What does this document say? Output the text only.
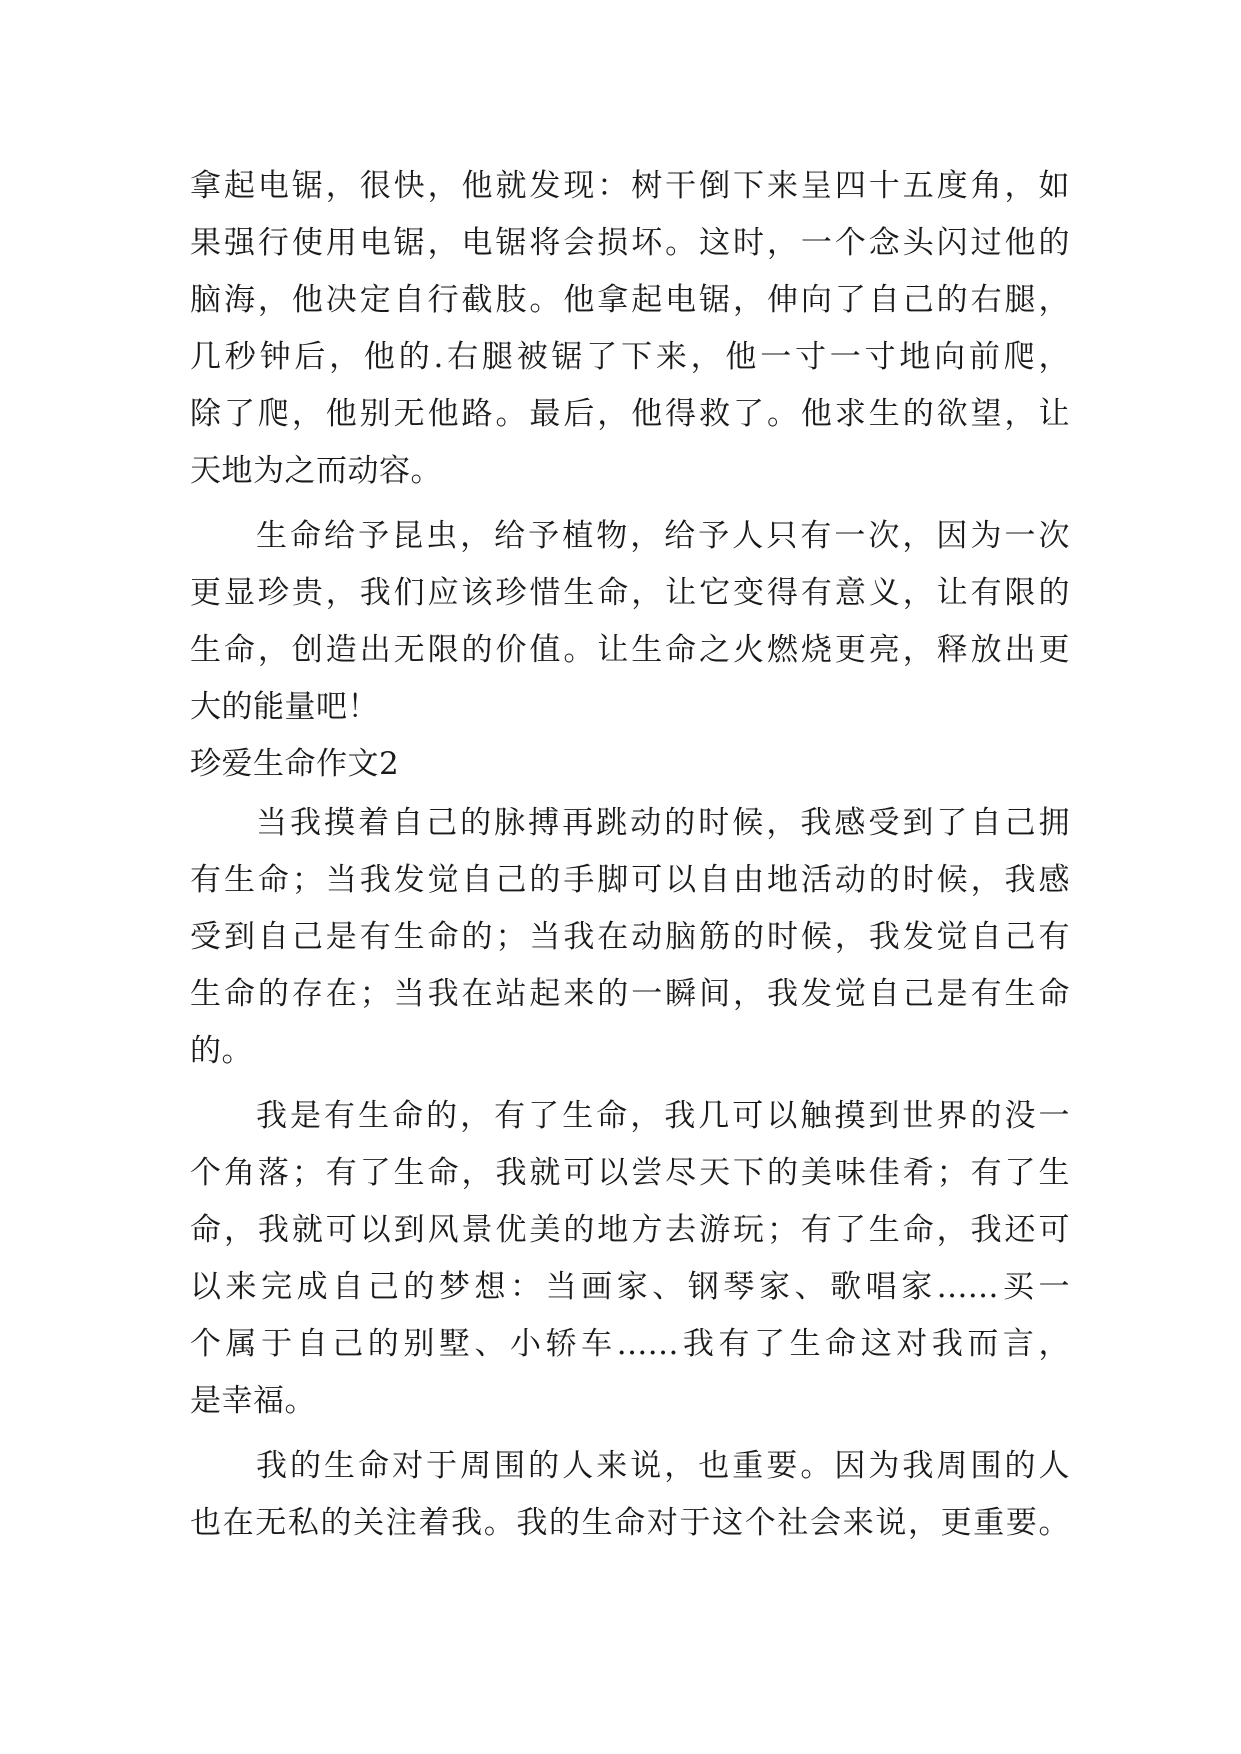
拿起电锯，很快，他就发现：树干倒下来呈四十五度角，如
果强行使用电锯，电锯将会损坏。这时，一个念头闪过他的
脑海，他决定自行截肢。他拿起电锯，伸向了自己的右腿，
几秒钟后，他的.右腿被锯了下来，他一寸一寸地向前爬，
除了爬，他别无他路。最后，他得救了。他求生的欲望，让
天地为之而动容。
生命给予昆虫，给予植物，给予人只有一次，因为一次
更显珍贵，我们应该珍惜生命，让它变得有意义，让有限的
生命，创造出无限的价值。让生命之火燃烧更亮，释放出更
大的能量吧！
珍爱生命作文2
当我摸着自己的脉搏再跳动的时候，我感受到了自己拥
有生命；当我发觉自己的手脚可以自由地活动的时候，我感
受到自己是有生命的；当我在动脑筋的时候，我发觉自己有
生命的存在；当我在站起来的一瞬间，我发觉自己是有生命
的。
我是有生命的，有了生命，我几可以触摸到世界的没一
个角落；有了生命，我就可以尝尽天下的美味佳肴；有了生
命，我就可以到风景优美的地方去游玩；有了生命，我还可
以来完成自己的梦想：当画家、钢琴家、歌唱家......买一
个属于自己的别墅、小轿车......我有了生命这对我而言，
是幸福。
我的生命对于周围的人来说，也重要。因为我周围的人
也在无私的关注着我。我的生命对于这个社会来说，更重要。
